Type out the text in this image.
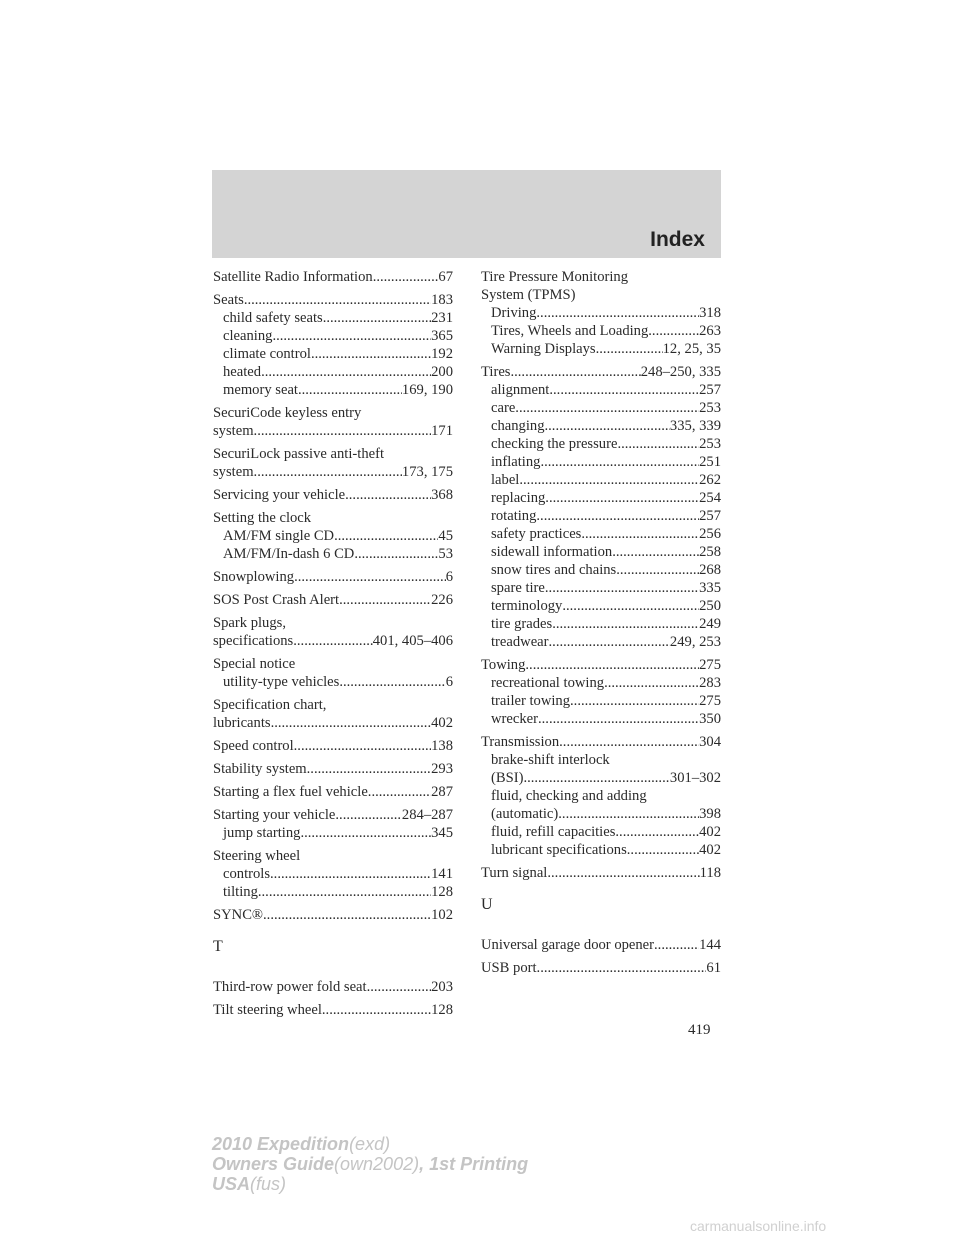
Index
Satellite Radio Information .....	67
Seats .....	183
child safety seats .....	231
cleaning .....	365
climate control .....	192
heated .....	200
memory seat .....	169, 190
SecuriCode keyless entry
system .....	171
SecuriLock passive anti-theft
system .....	173, 175
Servicing your vehicle .....	368
Setting the clock
AM/FM single CD .....	45
AM/FM/In-dash 6 CD .....	53
Snowplowing .....	6
SOS Post Crash Alert .....	226
Spark plugs,
specifications .....	401, 405–406
Special notice
utility-type vehicles .....	6
Specification chart,
lubricants .....	402
Speed control .....	138
Stability system .....	293
Starting a flex fuel vehicle .....	287
Starting your vehicle .....	284–287
jump starting .....	345
Steering wheel
controls .....	141
tilting .....	128
SYNC® .....	102
T
Third-row power fold seat .....	203
Tilt steering wheel .....	128
Tire Pressure Monitoring
System (TPMS)
Driving .....	318
Tires, Wheels and Loading .....	263
Warning Displays .....	12, 25, 35
Tires .....	248–250, 335
alignment .....	257
care .....	253
changing .....	335, 339
checking the pressure .....	253
inflating .....	251
label .....	262
replacing .....	254
rotating .....	257
safety practices .....	256
sidewall information .....	258
snow tires and chains .....	268
spare tire .....	335
terminology .....	250
tire grades .....	249
treadwear .....	249, 253
Towing .....	275
recreational towing .....	283
trailer towing .....	275
wrecker .....	350
Transmission .....	304
brake-shift interlock
(BSI) .....	301–302
fluid, checking and adding
(automatic) .....	398
fluid, refill capacities .....	402
lubricant specifications .....	402
Turn signal .....	118
U
Universal garage door opener .....	144
USB port .....	61
419
2010 Expedition(exd)
Owners Guide(own2002), 1st Printing
USA(fus)
carmanualsonline.info
